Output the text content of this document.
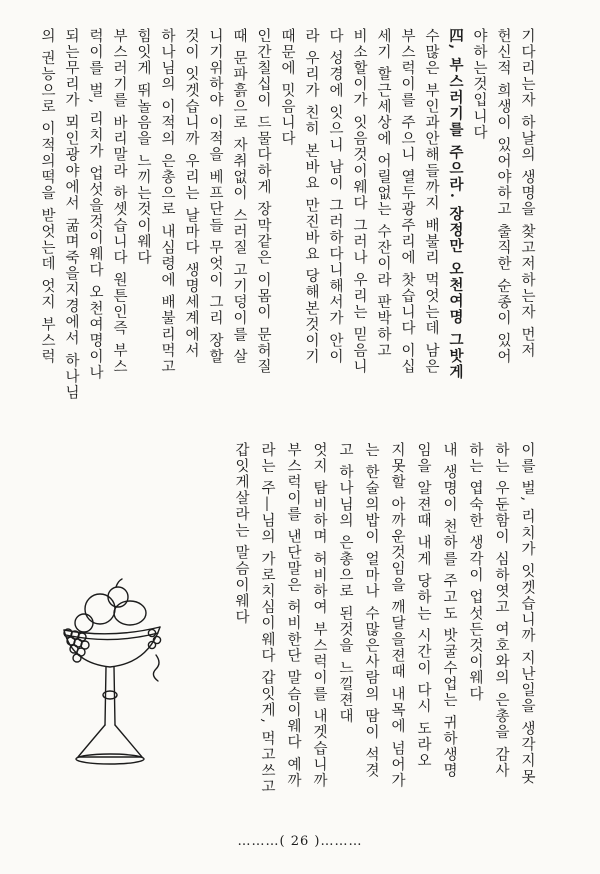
기다리는자 하날의 생명을 찾고저하는자 먼저
헌신적 희생이 있어야하고 출직한 순종이 있어
야하는것입니다
四, 부스러기를 주으라. 장정만 오천여명 그밧게
수많은 부인과안해들까지 배불리 먹엇는데 남은
부스럭이를 주으니 열두광주리에 찻습니다 이십
세기 할근세상에 어릴없는 수잔이라 판박하고
비소할이가 잇음것이웨다 그러나 우리는 믿음니
다 성경에 잇으니 남이 그러하다니해서가 안이
라 우리가 친히 본바요 만진바요 당해본것이기
때문에 밋음니다
인간칠십이 드물다하게 장막같은 이몸이 문허질
때 문파흙으로 자취없이 스러질 고기덩이를 살
니기위하야 이적을 베프단들 무엇이 그리 장할
것이 잇겟습니까 우리는 날마다 생명세계에서
하나님의 이적의 은총으로 내심령에 배불리먹고
힘잇게 뛰놀음을 느끼는것이웨다
부스러기를 바리말라 하셋습니다 원튼인즉 부스
럭이를 벌, 리치가 업섯을것이웨다 오천여명이나
되는무리가 뫼인광야에서 굶며죽을지경에서 하나님
의 권능으로 이적의떡을 받엇는데 엇지 부스럭
이를 벌, 리치가 잇겟습니까 지난일을 생각지못
하는 우둔함이 심하엿고 여호와의 은총을 감사
하는 엽숙한 생각이 업섯든것이웨다
내 생명이 천하를 주고도 밧굴수업는 귀하생명
임을 알젼때 내게 당하는 시간이 다시 도라오
지못할 아까운것임을 깨달을젼때 내목에 넘어가
는 한술의밥이 얼마나 수많은사람의 땀이 석겻
고 하나님의 은총으로 된것을 느낄젼대
엇지 탐비하며 허비하여 부스럭이를 내겟습니까
부스럭이를 낸단말은 허비한단 말슴이웨다 예까
라는 주―님의 가로치심이웨다 갑잇게, 먹고쓰고
갑잇게살라는 말슴이웨다
………( 26 )………
